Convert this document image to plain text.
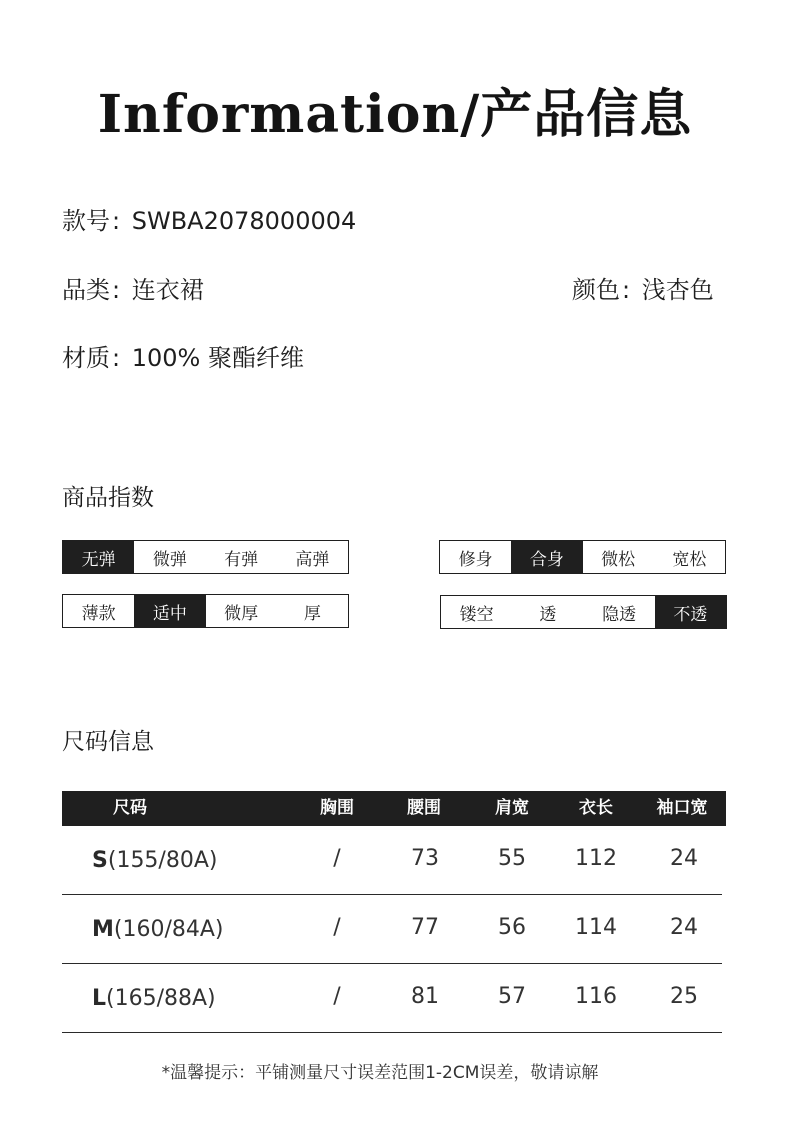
Information/产品信息
款号: SWBA2078000004
品类: 连衣裙	颜色: 浅杏色
材质: 100% 聚酯纤维
商品指数
无弹	微弹	有弹	高弹	修身	合身	微松	宽松
薄款	适中	微厚	厚	镂空	透	隐透	不透
尺码信息
尺码	胸围	腰围	肩宽	衣长	袖口宽
S(155/80A)	/	73	55	112	24
M(160/84A)	/	77	56	114	24
L(165/88A)	/	81	57	116	25
*温馨提示：平铺测量尺寸误差范围1-2CM误差，敬请谅解
